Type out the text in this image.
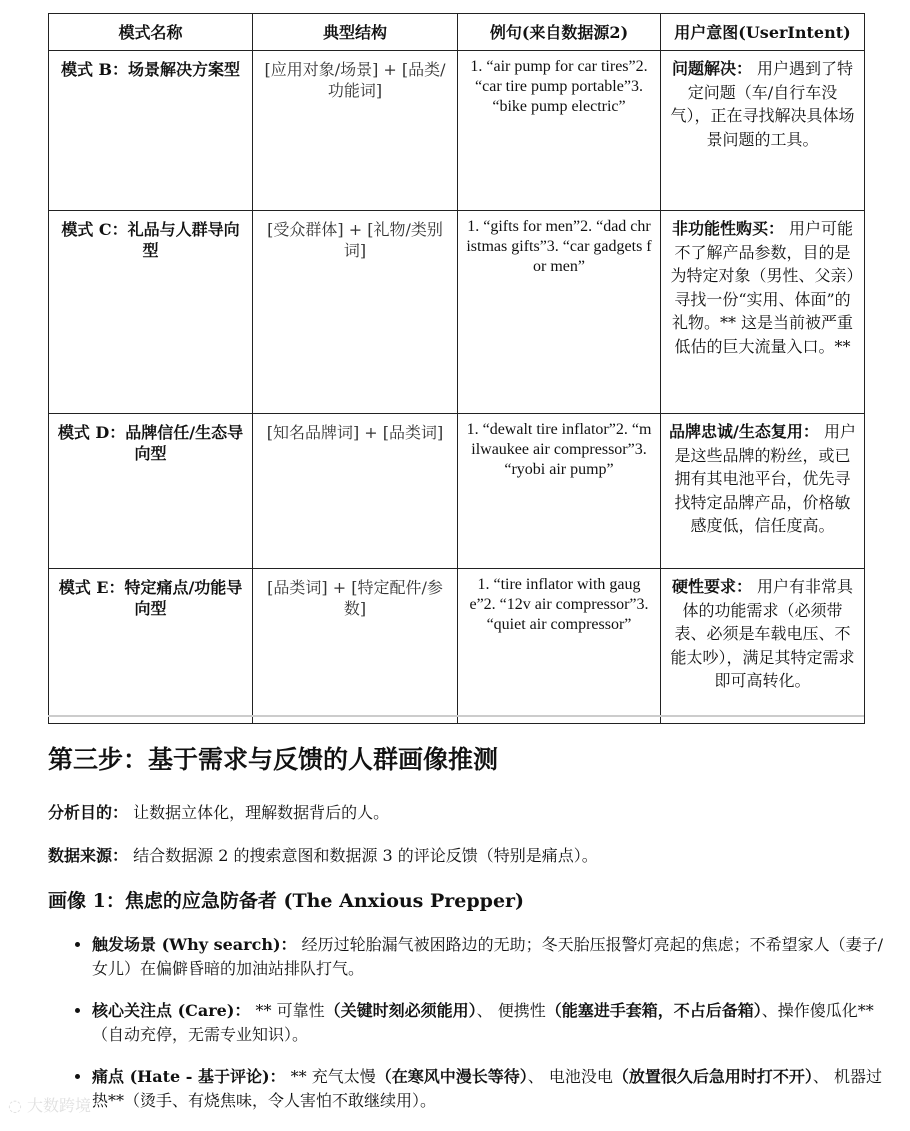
模式名称	典型结构	例句(来自数据源2)	用户意图(UserIntent)
模式 B：场景解决方案型	[应用对象/场景] + [品类/功能词]	1. “air pump for car tires”2. “car tire pump portable”3. “bike pump electric”	问题解决： 用户遇到了特定问题（车/自行车没气），正在寻找解决具体场景问题的工具。
模式 C：礼品与人群导向型	[受众群体] + [礼物/类别词]	1. “gifts for men”2. “dad christmas gifts”3. “car gadgets for men”	非功能性购买： 用户可能不了解产品参数，目的是为特定对象（男性、父亲）寻找一份“实用、体面”的礼物。** 这是当前被严重低估的巨大流量入口。**
模式 D：品牌信任/生态导向型	[知名品牌词] + [品类词]	1. “dewalt tire inflator”2. “milwaukee air compressor”3. “ryobi air pump”	品牌忠诚/生态复用： 用户是这些品牌的粉丝，或已拥有其电池平台，优先寻找特定品牌产品，价格敏感度低，信任度高。
模式 E：特定痛点/功能导向型	[品类词] + [特定配件/参数]	1. “tire inflator with gauge”2. “12v air compressor”3. “quiet air compressor”	硬性要求： 用户有非常具体的功能需求（必须带表、必须是车载电压、不能太吵），满足其特定需求即可高转化。
第三步：基于需求与反馈的人群画像推测

分析目的： 让数据立体化，理解数据背后的人。

数据来源： 结合数据源 2 的搜索意图和数据源 3 的评论反馈（特别是痛点）。

画像 1：焦虑的应急防备者 (The Anxious Prepper)
• 触发场景 (Why search)： 经历过轮胎漏气被困路边的无助；冬天胎压报警灯亮起的焦虑；不希望家人（妻子/女儿）在偏僻昏暗的加油站排队打气。
• 核心关注点 (Care)： ** 可靠性（关键时刻必须能用）、 便携性（能塞进手套箱，不占后备箱）、操作傻瓜化**（自动充停，无需专业知识）。
• 痛点 (Hate - 基于评论)： ** 充气太慢（在寒风中漫长等待）、 电池没电（放置很久后急用时打不开）、 机器过热**（烫手、有烧焦味，令人害怕不敢继续用）。
◌ 大数跨境
